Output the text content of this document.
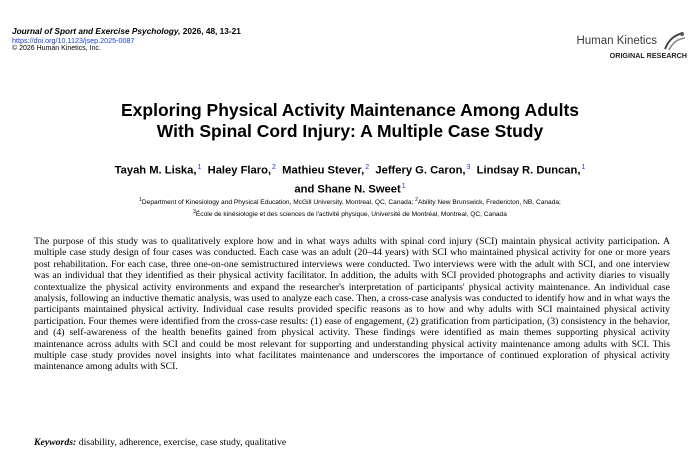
Journal of Sport and Exercise Psychology, 2026, 48, 13-21
https://doi.org/10.1123/jsep.2025-0087
© 2026 Human Kinetics, Inc.
Human Kinetics
ORIGINAL RESEARCH
Exploring Physical Activity Maintenance Among Adults
With Spinal Cord Injury: A Multiple Case Study
Tayah M. Liska,$^1$ Haley Flaro,$^2$ Mathieu Stever,$^2$ Jeffery G. Caron,$^3$ Lindsay R. Duncan,$^1$
and Shane N. Sweet$^1$
$^1$Department of Kinesiology and Physical Education, McGill University, Montreal, QC, Canada; $^2$Ability New Brunswick, Fredericton, NB, Canada;
$^3$École de kinésiologie et des sciences de l'activité physique, Université de Montréal, Montreal, QC, Canada
The purpose of this study was to qualitatively explore how and in what ways adults with spinal cord injury (SCI) maintain physical activity participation. A multiple case study design of four cases was conducted. Each case was an adult (20–44 years) with SCI who maintained physical activity for one or more years post rehabilitation. For each case, three one-on-one semistructured interviews were conducted. Two interviews were with the adult with SCI, and one interview was an individual that they identified as their physical activity facilitator. In addition, the adults with SCI provided photographs and activity diaries to visually contextualize the physical activity environments and expand the researcher's interpretation of participants' physical activity maintenance. An individual case analysis, following an inductive thematic analysis, was used to analyze each case. Then, a cross-case analysis was conducted to identify how and in what ways the participants maintained physical activity. Individual case results provided specific reasons as to how and why adults with SCI maintained physical activity participation. Four themes were identified from the cross-case results: (1) ease of engagement, (2) gratification from participation, (3) consistency in the behavior, and (4) self-awareness of the health benefits gained from physical activity. These findings were identified as main themes supporting physical activity maintenance across adults with SCI and could be most relevant for supporting and understanding physical activity maintenance among adults with SCI. This multiple case study provides novel insights into what facilitates maintenance and underscores the importance of continued exploration of physical activity maintenance among adults with SCI.
Keywords: disability, adherence, exercise, case study, qualitative
